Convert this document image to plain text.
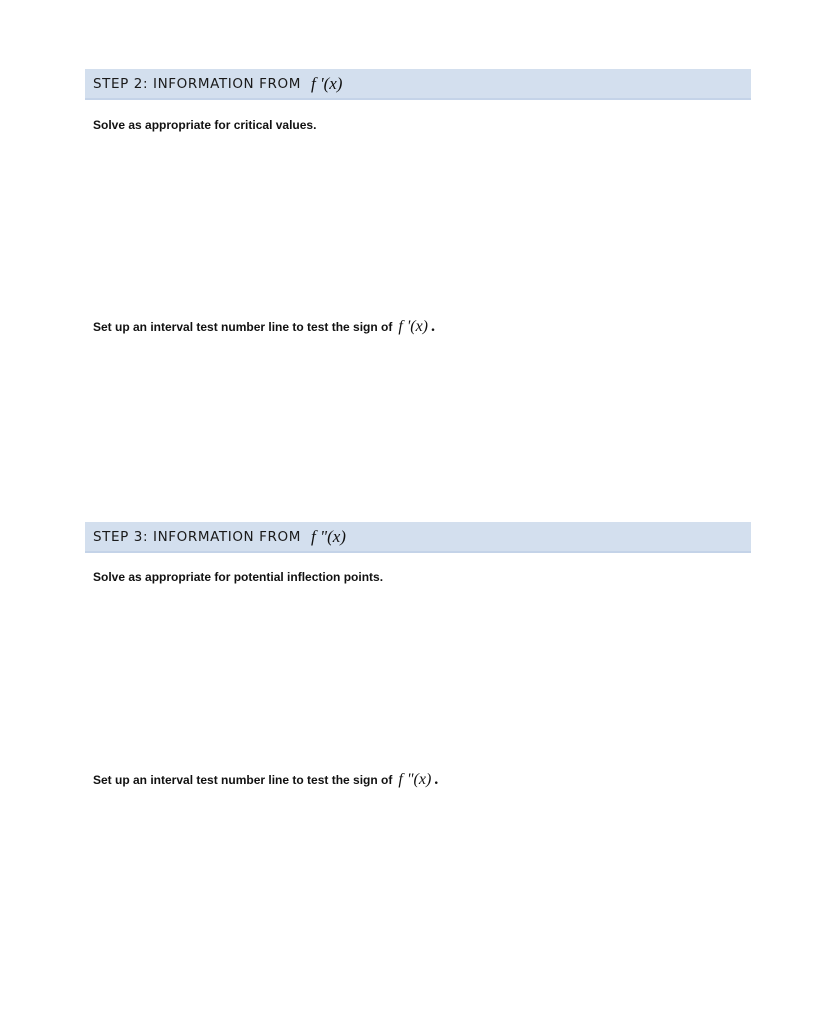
STEP 2: INFORMATION FROM f '(x)
Solve as appropriate for critical values.
Set up an interval test number line to test the sign of f '(x) .
STEP 3: INFORMATION FROM f "(x)
Solve as appropriate for potential inflection points.
Set up an interval test number line to test the sign of f "(x) .
